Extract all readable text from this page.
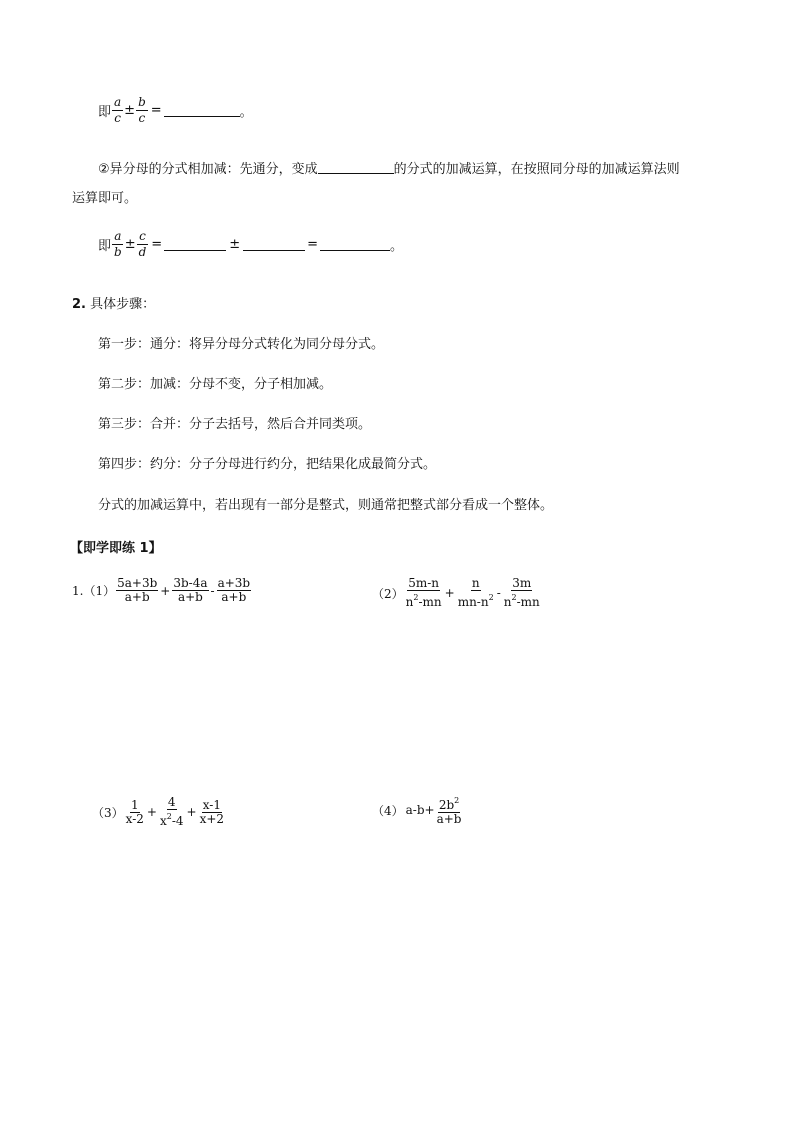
即 $\frac{a}{c} \pm \frac{b}{c}$ =	。
②异分母的分式相加减：先通分，变成	的分式的加减运算，在按照同分母的加减运算法则
运算即可。
即 $\frac{a}{b} \pm \frac{c}{d}$ =	±	=	。
2. 具体步骤：
第一步：通分：将异分母分式转化为同分母分式。
第二步：加减：分母不变，分子相加减。
第三步：合并：分子去括号，然后合并同类项。
第四步：约分：分子分母进行约分，把结果化成最简分式。
分式的加减运算中，若出现有一部分是整式，则通常把整式部分看成一个整体。
【即学即练 1】
$1.(1) \frac{5a+3b}{a+b} + \frac{3b-4a}{a+b} - \frac{a+3b}{a+b}$	$(2) \frac{5m-n}{n^2-mn} + \frac{n}{mn-n^2} - \frac{3m}{n^2-mn}$
$(3) \frac{1}{x-2} + \frac{4}{x^2-4} + \frac{x-1}{x+2}$	（4） $a-b+ \frac{2b^2}{a+b}$
